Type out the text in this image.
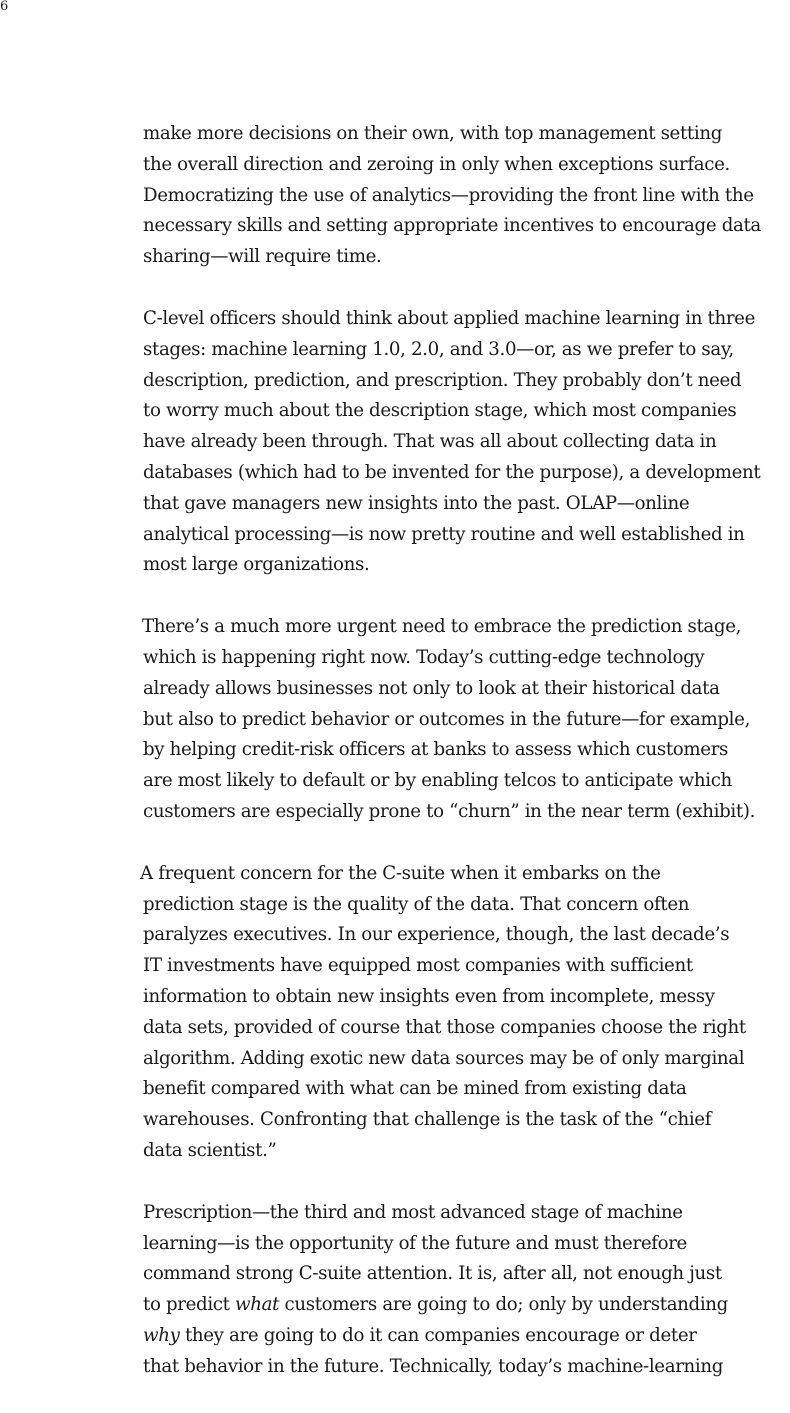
6

make more decisions on their own, with top management setting
the overall direction and zeroing in only when exceptions surface.
Democratizing the use of analytics—providing the front line with the
necessary skills and setting appropriate incentives to encourage data
sharing—will require time.

C-level officers should think about applied machine learning in three
stages: machine learning 1.0, 2.0, and 3.0—or, as we prefer to say,
description, prediction, and prescription. They probably don’t need
to worry much about the description stage, which most companies
have already been through. That was all about collecting data in
databases (which had to be invented for the purpose), a development
that gave managers new insights into the past. OLAP—online
analytical processing—is now pretty routine and well established in
most large organizations.

There’s a much more urgent need to embrace the prediction stage,
which is happening right now. Today’s cutting-edge technology
already allows businesses not only to look at their historical data
but also to predict behavior or outcomes in the future—for example,
by helping credit-risk officers at banks to assess which customers
are most likely to default or by enabling telcos to anticipate which
customers are especially prone to “churn” in the near term (exhibit).

A frequent concern for the C-suite when it embarks on the
prediction stage is the quality of the data. That concern often
paralyzes executives. In our experience, though, the last decade’s
IT investments have equipped most companies with sufficient
information to obtain new insights even from incomplete, messy
data sets, provided of course that those companies choose the right
algorithm. Adding exotic new data sources may be of only marginal
benefit compared with what can be mined from existing data
warehouses. Confronting that challenge is the task of the “chief
data scientist.”

Prescription—the third and most advanced stage of machine
learning—is the opportunity of the future and must therefore
command strong C-suite attention. It is, after all, not enough just
to predict what customers are going to do; only by understanding
why they are going to do it can companies encourage or deter
that behavior in the future. Technically, today’s machine-learning
